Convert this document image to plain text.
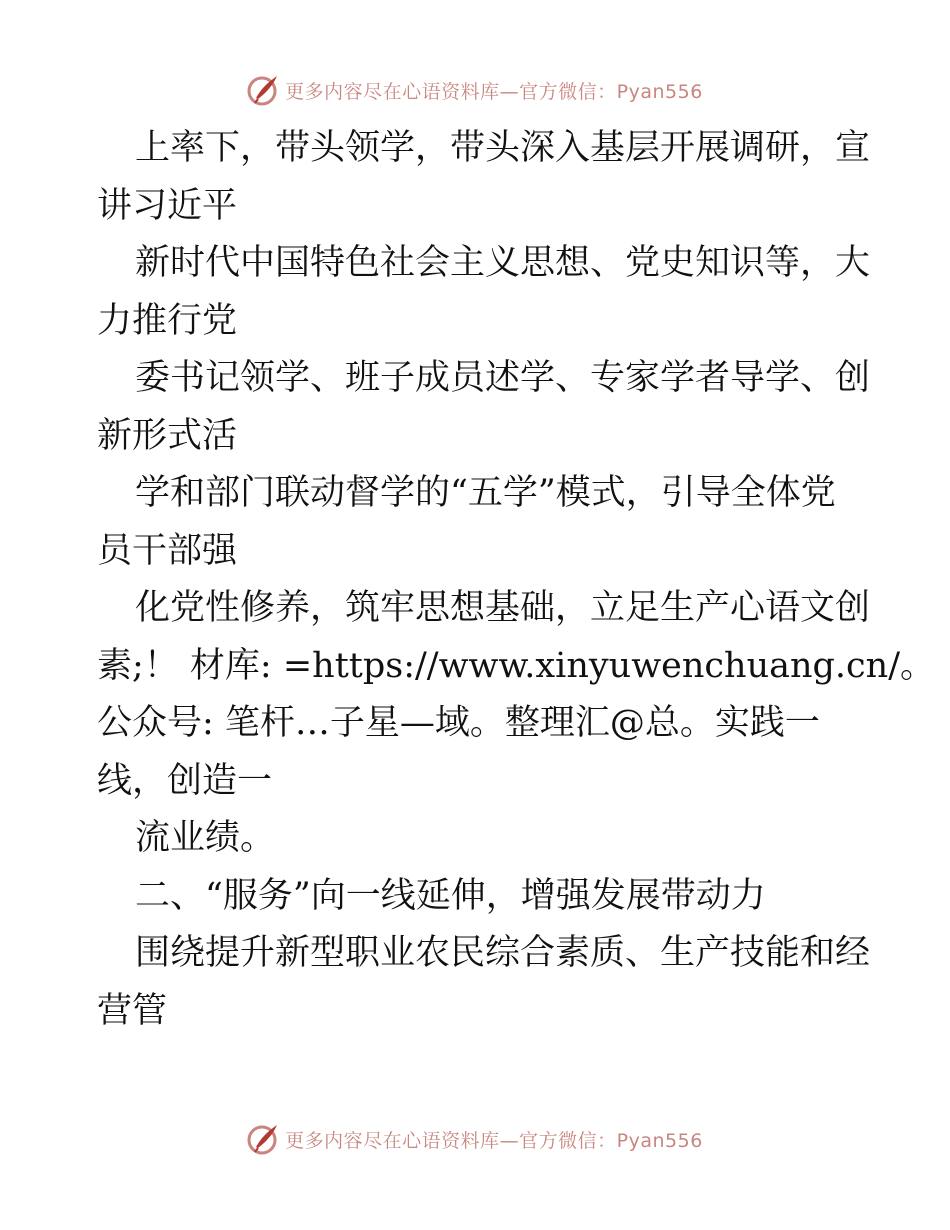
更多内容尽在心语资料库—官方微信：Pyan556
上率下，带头领学，带头深入基层开展调研，宣
讲习近平
新时代中国特色社会主义思想、党史知识等，大
力推行党
委书记领学、班子成员述学、专家学者导学、创
新形式活
学和部门联动督学的“五学”模式，引导全体党
员干部强
化党性修养，筑牢思想基础，立足生产心语文创
素;！ 材库: =https://www.xinyuwenchuang.cn/。
公众号: 笔杆…子星—域。整理汇@总。实践一
线，创造一
流业绩。
二、“服务”向一线延伸，增强发展带动力
围绕提升新型职业农民综合素质、生产技能和经
营管
更多内容尽在心语资料库—官方微信：Pyan556
